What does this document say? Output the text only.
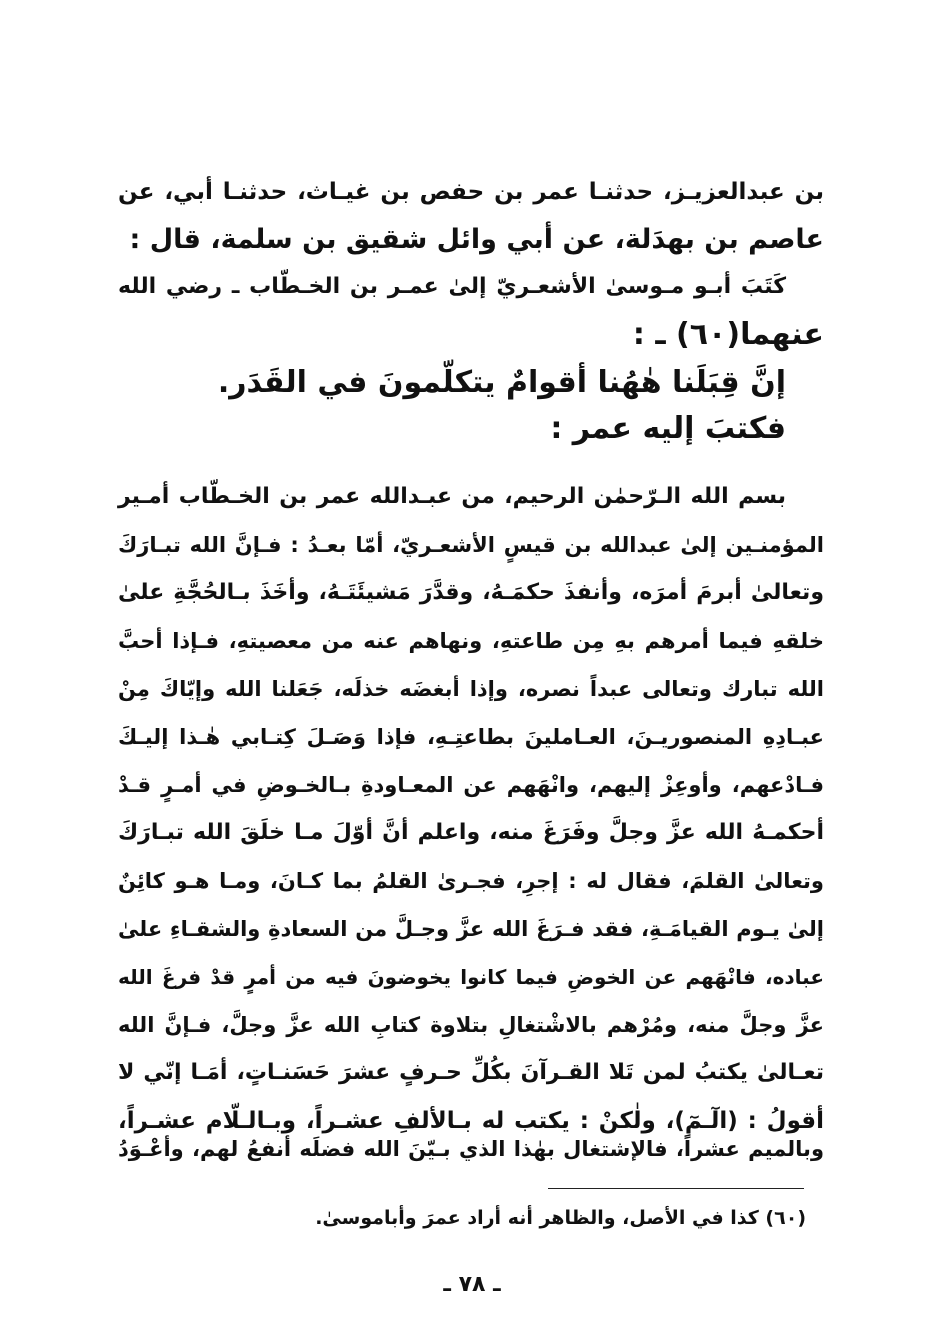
بن عبدالعزيـز، حدثنـا عمر بن حفص بن غيـاث، حدثنـا أبي، عن
عاصم بن بهدَلة، عن أبي وائل شقيق بن سلمة، قال :
كَتَبَ أبـو مـوسىٰ الأشعـريّ إلىٰ عمـر بن الخـطّاب ـ رضي الله
عنهما(٦٠) ـ :
إنَّ قِبَلَنا هٰهُنا أقوامٌ يتكلّمونَ في القَدَر.
فكتبَ إليه عمر :
بسم الله الـرّحمٰن الرحيم، من عبـدالله عمر بن الخـطّاب أمـير
المؤمنـين إلىٰ عبدالله بن قيسٍ الأشعـريّ، أمّا بعـدُ : فـإنَّ الله تبـارَكَ
وتعالىٰ أبرمَ أمرَه، وأنفذَ حكمَـهُ، وقدَّرَ مَشيئَتَـهُ، وأخَذَ بـالحُجَّةِ علىٰ
خلقهِ فيما أمرهم بهِ مِن طاعتهِ، ونهاهم عنه من معصيتهِ، فـإذا أحبَّ
الله تبارك وتعالى عبداً نصره، وإذا أبغضَه خذلَه، جَعَلنا الله وإيّاكَ مِنْ
عبـادِهِ المنصوريـنَ، العـاملينَ بطاعتِـهِ، فإذا وَصَـلَ كِتـابي هٰـذا إليـكَ
فـادْعهم، وأوعِزْ إليهم، وانْهَهم عن المعـاودةِ بـالخـوضِ في أمـرٍ قـدْ
أحكمـهُ الله عزَّ وجلَّ وفَرَغَ منه، واعلم أنَّ أوّلَ مـا خلَقَ الله تبـارَكَ
وتعالىٰ القلمَ، فقال له : إجرِ، فجـرىٰ القلمُ بما كـانَ، ومـا هـو كائِنٌ
إلىٰ يـوم القيامَـةِ، فقد فـرَغَ الله عزَّ وجـلَّ من السعادةِ والشقـاءِ علىٰ
عباده، فانْهَهم عن الخوضِ فيما كانوا يخوضونَ فيه من أمرٍ قدْ فرغَ الله
عزَّ وجلَّ منه، ومُرْهم بالاشْتغالِ بتلاوة كتابِ الله عزَّ وجلَّ، فـإنَّ الله
تعـالىٰ يكتبُ لمن تَلا القـرآنَ بكُلِّ حـرفٍ عشرَ حَسَنـاتٍ، أمَـا إنّي لا
أقولُ : (الٓـمٓ)، ولٰكنْ : يكتب له بـالألفِ عشـراً، وبـالـلّام عشـراً،
وبالميم عشراً، فالإشتغال بهٰذا الذي بـيّنَ الله فضلَه أنفعُ لهم، وأعْـوَدُ
(٦٠) كذا في الأصل، والظاهر أنه أراد عمرَ وأباموسىٰ.
ـ ٧٨ ـ
